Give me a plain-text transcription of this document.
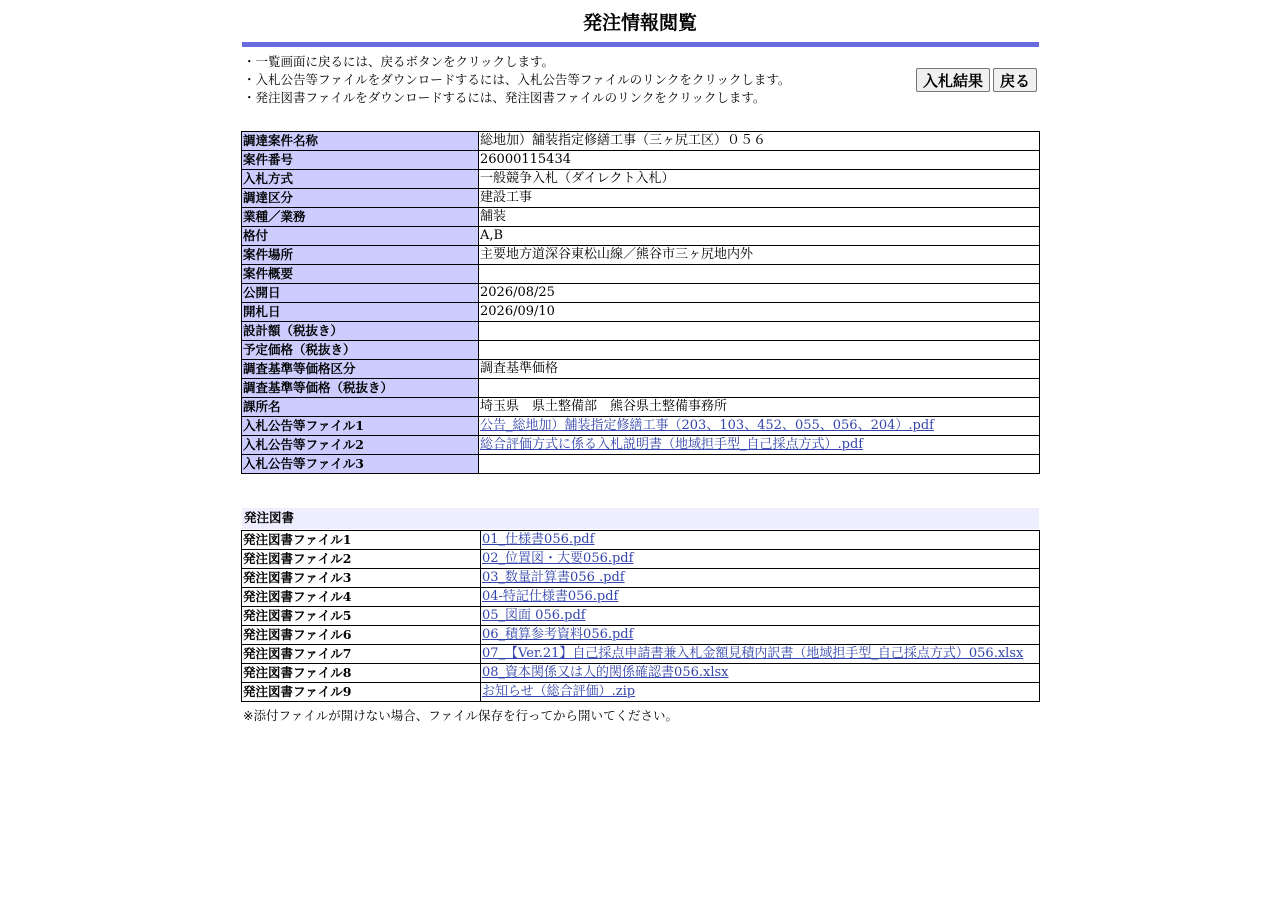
発注情報閲覧
・一覧画面に戻るには、戻るボタンをクリックします。
・入札公告等ファイルをダウンロードするには、入札公告等ファイルのリンクをクリックします。
・発注図書ファイルをダウンロードするには、発注図書ファイルのリンクをクリックします。
入札結果	戻る
調達案件名称	総地加）舗装指定修繕工事（三ヶ尻工区）０５６
案件番号	26000115434
入札方式	一般競争入札（ダイレクト入札）
調達区分	建設工事
業種／業務	舗装
格付	A,B
案件場所	主要地方道深谷東松山線／熊谷市三ヶ尻地内外
案件概要	
公開日	2026/08/25
開札日	2026/09/10
設計額（税抜き）	
予定価格（税抜き）	
調査基準等価格区分	調査基準価格
調査基準等価格（税抜き）	
課所名	埼玉県　県土整備部　熊谷県土整備事務所
入札公告等ファイル1	公告_総地加）舗装指定修繕工事（203、103、452、055、056、204）.pdf
入札公告等ファイル2	総合評価方式に係る入札説明書（地域担手型_自己採点方式）.pdf
入札公告等ファイル3	
発注図書
発注図書ファイル1	01_仕様書056.pdf
発注図書ファイル2	02_位置図・大要056.pdf
発注図書ファイル3	03_数量計算書056 .pdf
発注図書ファイル4	04-特記仕様書056.pdf
発注図書ファイル5	05_図面 056.pdf
発注図書ファイル6	06_積算参考資料056.pdf
発注図書ファイル7	07_【Ver.21】自己採点申請書兼入札金額見積内訳書（地域担手型_自己採点方式）056.xlsx
発注図書ファイル8	08_資本関係又は人的関係確認書056.xlsx
発注図書ファイル9	お知らせ（総合評価）.zip
※添付ファイルが開けない場合、ファイル保存を行ってから開いてください。
